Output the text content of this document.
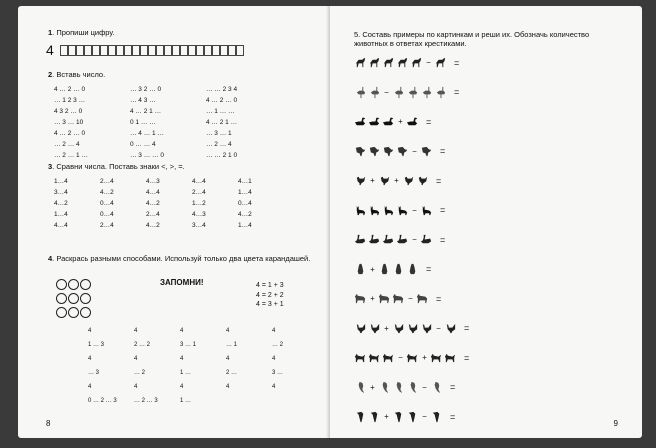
1. Пропиши цифру.
4
2. Вставь число.
4 … 2 … 0	… 3 2 … 0	… … 2 3 4
… 1 2 3 …	… 4 3 …	4 … 2 … 0
4 3 2 … 0	4 … 2 1 …	… 1 … …
… 3 … 10	0 1 … …	4 … 2 1 …
4 … 2 … 0	… 4 … 1 …	… 3 … 1
… 2 … 4	0 … … 4	… 2 … 4
… 2 … 1 …	… 3 … … 0	… … 2 1 0
3. Сравни числа. Поставь знаки <, >, =.
1…4	2…4	4…3	4…4	4…1
3…4	4…2	4…4	2…4	1…4
4…2	0…4	4…2	1…2	0…4
1…4	0…4	2…4	4…3	4…2
4…4	2…4	4…2	3…4	1…4
4. Раскрась разными способами. Используй только два цвета карандашей.
ЗАПОМНИ!	4 = 1 + 3
4 = 2 + 2
4 = 3 + 1
4	4	4	4	4
1 … 3	2 … 2	3 … 1	… 1	… 2
4	4	4	4	4
… 3	… 2	1 …	2 …	3 …
4	4	4	4	4
0 … 2 … 3	… 2 … 3	1 …
8
5. Составь примеры по картинкам и реши их. Обозначь количество животных в ответах крестиками.
−	=
−	=
+	=
−	=
+ +	=
−	=
−	=
+	=
+	−	=
+	−	=
− +	=
+	−	=
+	−	=
9
